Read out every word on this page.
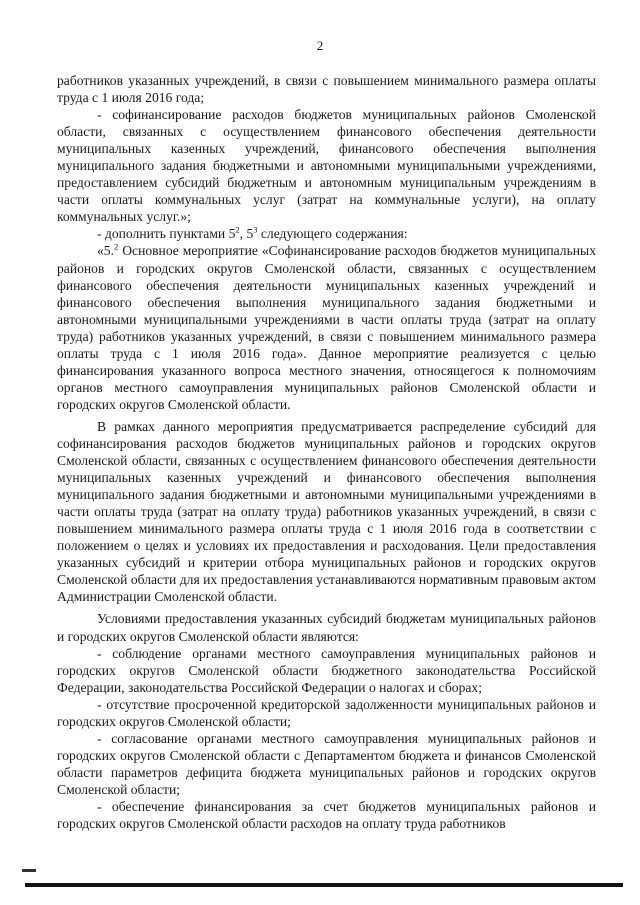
2

работников указанных учреждений, в связи с повышением минимального размера оплаты труда с 1 июля 2016 года;

- софинансирование расходов бюджетов муниципальных районов Смоленской области, связанных с осуществлением финансового обеспечения деятельности муниципальных казенных учреждений, финансового обеспечения выполнения муниципального задания бюджетными и автономными муниципальными учреждениями, предоставлением субсидий бюджетным и автономным муниципальным учреждениям в части оплаты коммунальных услуг (затрат на коммунальные услуги), на оплату коммунальных услуг.»;

- дополнить пунктами $5^2$, $5^3$ следующего содержания:

«5.$^2$ Основное мероприятие «Софинансирование расходов бюджетов муниципальных районов и городских округов Смоленской области, связанных с осуществлением финансового обеспечения деятельности муниципальных казенных учреждений и финансового обеспечения выполнения муниципального задания бюджетными и автономными муниципальными учреждениями в части оплаты труда (затрат на оплату труда) работников указанных учреждений, в связи с повышением минимального размера оплаты труда с 1 июля 2016 года». Данное мероприятие реализуется с целью финансирования указанного вопроса местного значения, относящегося к полномочиям органов местного самоуправления муниципальных районов Смоленской области и городских округов Смоленской области.

В рамках данного мероприятия предусматривается распределение субсидий для софинансирования расходов бюджетов муниципальных районов и городских округов Смоленской области, связанных с осуществлением финансового обеспечения деятельности муниципальных казенных учреждений и финансового обеспечения выполнения муниципального задания бюджетными и автономными муниципальными учреждениями в части оплаты труда (затрат на оплату труда) работников указанных учреждений, в связи с повышением минимального размера оплаты труда с 1 июля 2016 года в соответствии с положением о целях и условиях их предоставления и расходования. Цели предоставления указанных субсидий и критерии отбора муниципальных районов и городских округов Смоленской области для их предоставления устанавливаются нормативным правовым актом Администрации Смоленской области.

Условиями предоставления указанных субсидий бюджетам муниципальных районов и городских округов Смоленской области являются:

- соблюдение органами местного самоуправления муниципальных районов и городских округов Смоленской области бюджетного законодательства Российской Федерации, законодательства Российской Федерации о налогах и сборах;

- отсутствие просроченной кредиторской задолженности муниципальных районов и городских округов Смоленской области;

- согласование органами местного самоуправления муниципальных районов и городских округов Смоленской области с Департаментом бюджета и финансов Смоленской области параметров дефицита бюджета муниципальных районов и городских округов Смоленской области;

- обеспечение финансирования за счет бюджетов муниципальных районов и городских округов Смоленской области расходов на оплату труда работников
